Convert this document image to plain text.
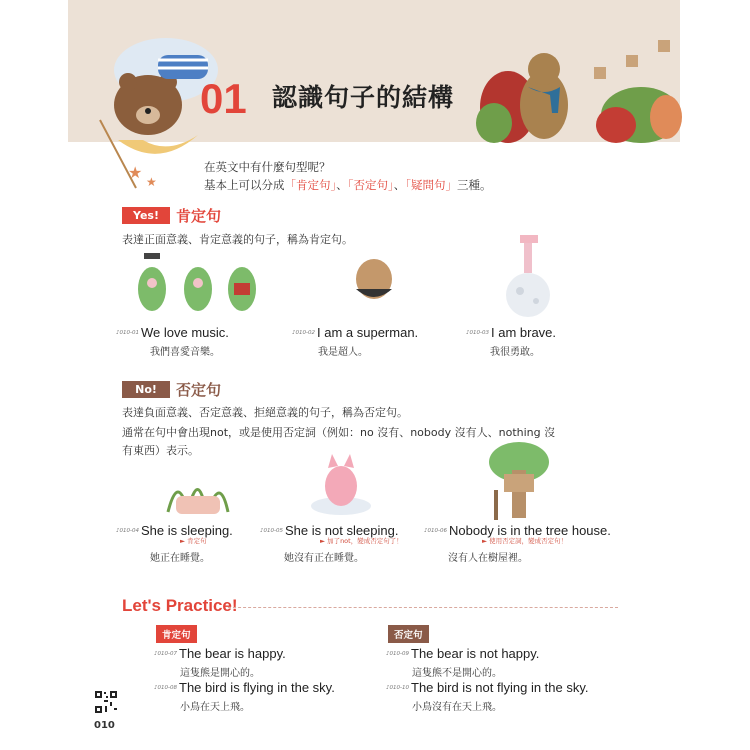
★ ★
01 認識句子的結構
在英文中有什麼句型呢？
基本上可以分成「肯定句」、「否定句」、「疑問句」三種。
Yes!	肯定句
表達正面意義、肯定意義的句子，稱為肯定句。
♪010-01 We love music.
我們喜愛音樂。
♪010-02 I am a superman.
我是超人。
♪010-03 I am brave.
我很勇敢。
No!	否定句
表達負面意義、否定意義、拒絕意義的句子，稱為否定句。
通常在句中會出現not，或是使用否定詞（例如：no 沒有、nobody 沒有人、nothing 沒
有東西）表示。
♪010-04 She is sleeping.
► 肯定句
她正在睡覺。
♪010-05 She is not sleeping.
► 加了not，變成否定句了！
她沒有正在睡覺。
♪010-06 Nobody is in the tree house.
► 使用否定詞，變成否定句！
沒有人在樹屋裡。
Let's Practice!
肯定句	否定句
♪010-07 The bear is happy.
這隻熊是開心的。
♪010-08 The bird is flying in the sky.
小鳥在天上飛。
♪010-09 The bear is not happy.
這隻熊不是開心的。
♪010-10 The bird is not flying in the sky.
小鳥沒有在天上飛。
010
